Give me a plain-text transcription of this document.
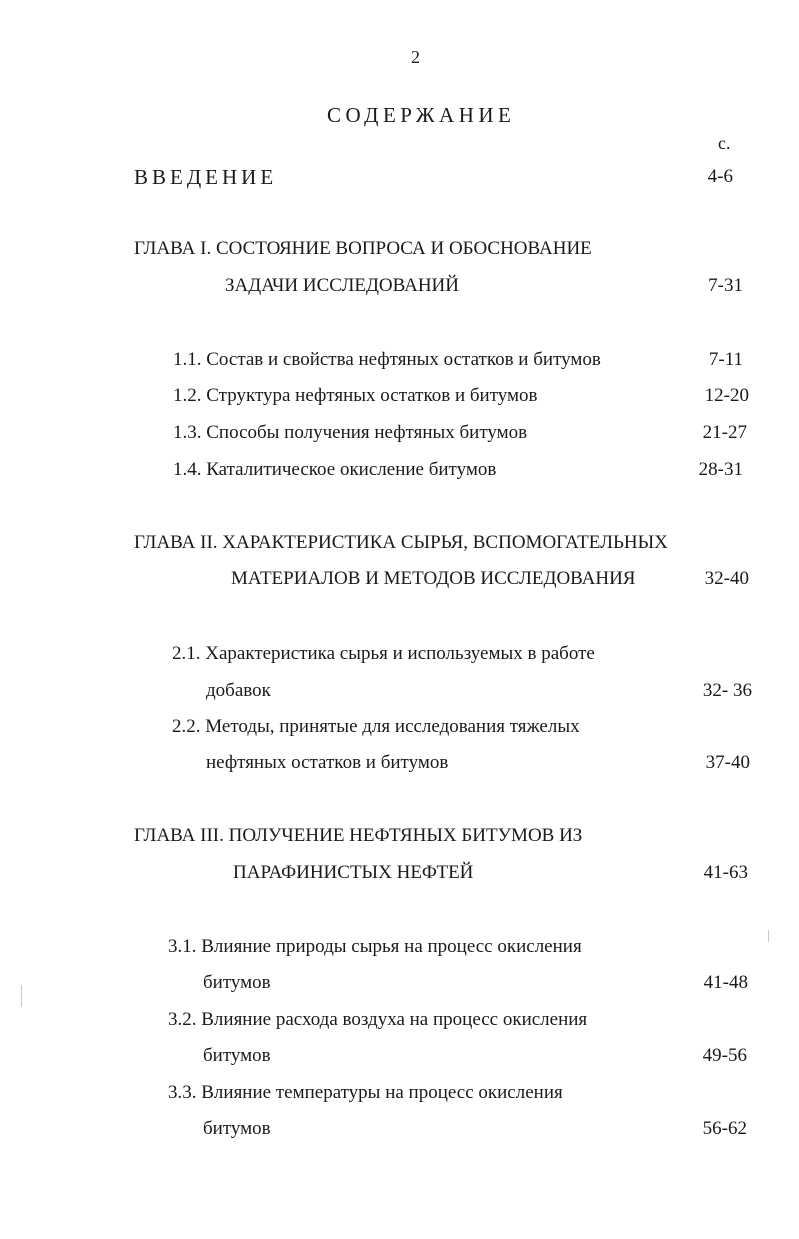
2
СОДЕРЖАНИЕ
с.
ВВЕДЕНИЕ	4-6
ГЛАВА I. СОСТОЯНИЕ ВОПРОСА И ОБОСНОВАНИЕ
ЗАДАЧИ ИССЛЕДОВАНИЙ	7-31
1.1. Состав и свойства нефтяных остатков и битумов	7-11
1.2. Структура нефтяных остатков и битумов	12-20
1.3. Способы получения нефтяных битумов	21-27
1.4. Каталитическое окисление битумов	28-31
ГЛАВА II. ХАРАКТЕРИСТИКА СЫРЬЯ, ВСПОМОГАТЕЛЬНЫХ
МАТЕРИАЛОВ И МЕТОДОВ ИССЛЕДОВАНИЯ	32-40
2.1. Характеристика сырья и используемых в работе
добавок	32- 36
2.2. Методы, принятые для исследования тяжелых
нефтяных остатков и битумов	37-40
ГЛАВА III. ПОЛУЧЕНИЕ НЕФТЯНЫХ БИТУМОВ ИЗ
ПАРАФИНИСТЫХ НЕФТЕЙ	41-63
3.1. Влияние природы сырья на процесс окисления
битумов	41-48
3.2. Влияние расхода воздуха на процесс окисления
битумов	49-56
3.3. Влияние температуры на процесс окисления
битумов	56-62
